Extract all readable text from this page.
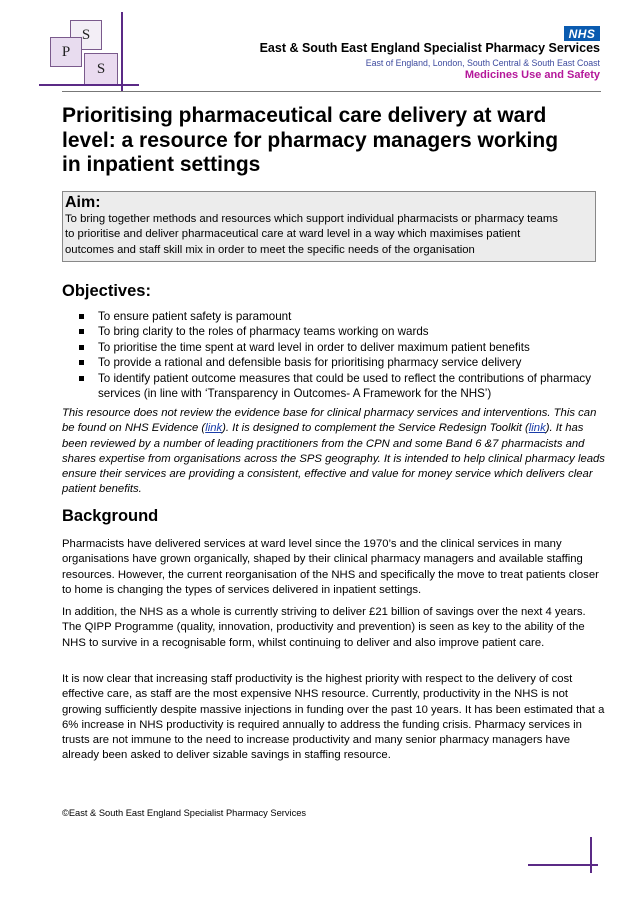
S
P
S
NHS
East & South East England Specialist Pharmacy Services
East of England, London, South Central & South East Coast
Medicines Use and Safety
Prioritising pharmaceutical care delivery at ward
level: a resource for pharmacy managers working
in inpatient settings
Aim:
To bring together methods and resources which support individual pharmacists or pharmacy teams
to prioritise and deliver pharmaceutical care at ward level in a way which maximises patient
outcomes and staff skill mix in order to meet the specific needs of the organisation
Objectives:
To ensure patient safety is paramount
To bring clarity to the roles of pharmacy teams working on wards
To prioritise the time spent at ward level in order to deliver maximum patient benefits
To provide a rational and defensible basis for prioritising pharmacy service delivery
To identify patient outcome measures that could be used to reflect the contributions of pharmacy services (in line with ‘Transparency in Outcomes- A Framework for the NHS’)
This resource does not review the evidence base for clinical pharmacy services and interventions. This can be found on NHS Evidence (link). It is designed to complement the Service Redesign Toolkit (link). It has been reviewed by a number of leading practitioners from the CPN and some Band 6 &7 pharmacists and shares expertise from organisations across the SPS geography. It is intended to help clinical pharmacy leads ensure their services are providing a consistent, effective and value for money service which delivers clear patient benefits.
Background
Pharmacists have delivered services at ward level since the 1970’s and the clinical services in many organisations have grown organically, shaped by their clinical pharmacy managers and available staffing resources. However, the current reorganisation of the NHS and specifically the move to treat patients closer to home is changing the types of services delivered in inpatient settings.
In addition, the NHS as a whole is currently striving to deliver £21 billion of savings over the next 4 years. The QIPP Programme (quality, innovation, productivity and prevention) is seen as key to the ability of the NHS to survive in a recognisable form, whilst continuing to deliver and also improve patient care.
It is now clear that increasing staff productivity is the highest priority with respect to the delivery of cost effective care, as staff are the most expensive NHS resource. Currently, productivity in the NHS is not growing sufficiently despite massive injections in funding over the past 10 years. It has been estimated that a 6% increase in NHS productivity is required annually to address the funding crisis. Pharmacy services in trusts are not immune to the need to increase productivity and many senior pharmacy managers have already been asked to deliver sizable savings in staffing resource.
©East & South East England Specialist Pharmacy Services
